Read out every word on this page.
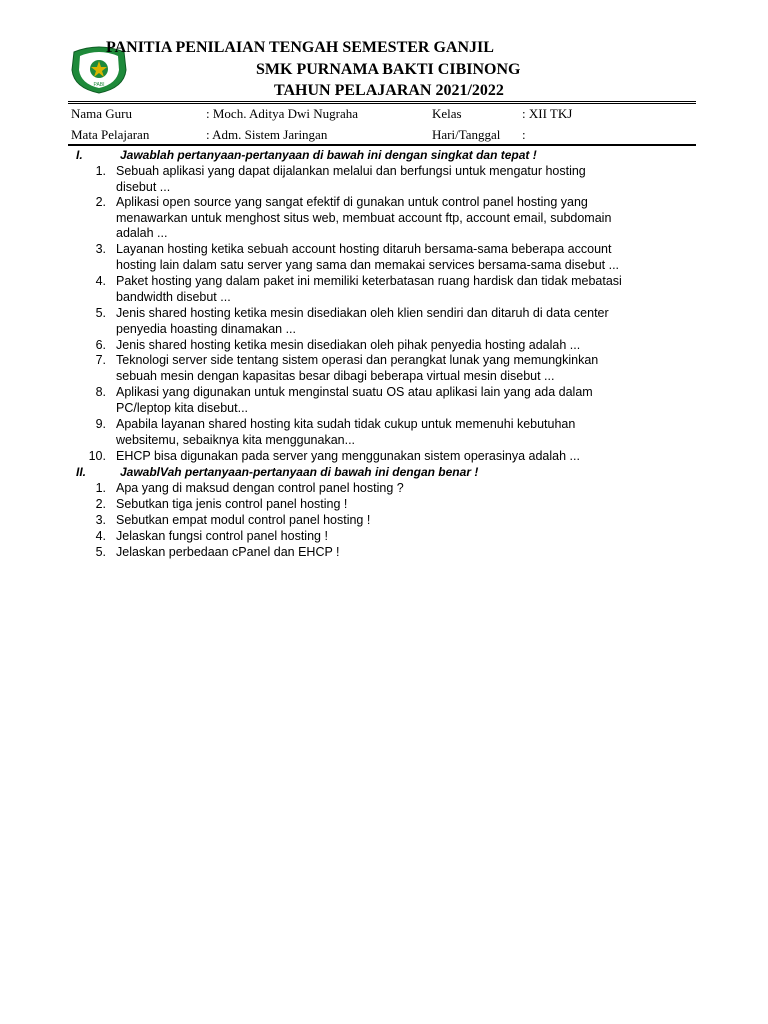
PABI
PANITIA PENILAIAN TENGAH SEMESTER GANJIL
SMK PURNAMA BAKTI CIBINONG
TAHUN PELAJARAN 2021/2022
Nama Guru	: Moch. Aditya Dwi Nugraha	Kelas	: XII TKJ
Mata Pelajaran	: Adm. Sistem Jaringan	Hari/Tanggal :
I.	Jawablah pertanyaan-pertanyaan di bawah ini dengan singkat dan tepat !
1. Sebuah aplikasi yang dapat dijalankan melalui dan berfungsi untuk mengatur hosting
disebut ...
2. Aplikasi open source yang sangat efektif di gunakan untuk control panel hosting yang
menawarkan untuk menghost situs web, membuat account ftp, account email, subdomain
adalah ...
3. Layanan hosting ketika sebuah account hosting ditaruh bersama-sama beberapa account
hosting lain dalam satu server yang sama dan memakai services bersama-sama disebut ...
4. Paket hosting yang dalam paket ini memiliki keterbatasan ruang hardisk dan tidak mebatasi
bandwidth disebut ...
5. Jenis shared hosting ketika mesin disediakan oleh klien sendiri dan ditaruh di data center
penyedia hoasting dinamakan ...
6. Jenis shared hosting ketika mesin disediakan oleh pihak penyedia hosting adalah ...
7. Teknologi server side tentang sistem operasi dan perangkat lunak yang memungkinkan
sebuah mesin dengan kapasitas besar dibagi beberapa virtual mesin disebut ...
8. Aplikasi yang digunakan untuk menginstal suatu OS atau aplikasi lain yang ada dalam
PC/leptop kita disebut...
9. Apabila layanan shared hosting kita sudah tidak cukup untuk memenuhi kebutuhan
websitemu, sebaiknya kita menggunakan...
10. EHCP bisa digunakan pada server yang menggunakan sistem operasinya adalah ...
II.	JawablVah pertanyaan-pertanyaan di bawah ini dengan benar !
1. Apa yang di maksud dengan control panel hosting ?
2. Sebutkan tiga jenis control panel hosting !
3. Sebutkan empat modul control panel hosting !
4. Jelaskan fungsi control panel hosting !
5. Jelaskan perbedaan cPanel dan EHCP !
